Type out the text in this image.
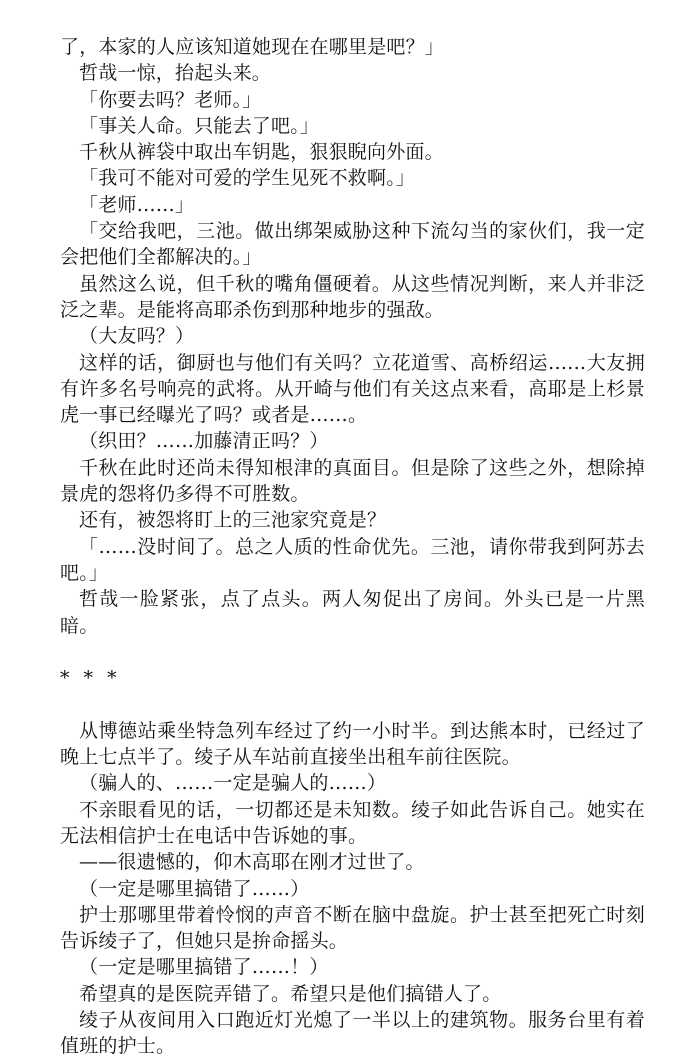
了，本家的人应该知道她现在在哪里是吧？」

哲哉一惊，抬起头来。

「你要去吗？老师。」

「事关人命。只能去了吧。」

千秋从裤袋中取出车钥匙，狠狠睨向外面。

「我可不能对可爱的学生见死不救啊。」

「老师……」

「交给我吧，三池。做出绑架威胁这种下流勾当的家伙们，我一定会把他们全都解决的。」

虽然这么说，但千秋的嘴角僵硬着。从这些情况判断，来人并非泛泛之辈。是能将高耶杀伤到那种地步的强敌。

（大友吗？）

这样的话，御厨也与他们有关吗？立花道雪、高桥绍运……大友拥有许多名号响亮的武将。从开崎与他们有关这点来看，高耶是上杉景虎一事已经曝光了吗？或者是……。

（织田？……加藤清正吗？）

千秋在此时还尚未得知根津的真面目。但是除了这些之外，想除掉景虎的怨将仍多得不可胜数。

还有，被怨将盯上的三池家究竟是？

「……没时间了。总之人质的性命优先。三池，请你带我到阿苏去吧。」

哲哉一脸紧张，点了点头。两人匆促出了房间。外头已是一片黑暗。

* * *

从博德站乘坐特急列车经过了约一小时半。到达熊本时，已经过了晚上七点半了。绫子从车站前直接坐出租车前往医院。

（骗人的、……一定是骗人的……）

不亲眼看见的话，一切都还是未知数。绫子如此告诉自己。她实在无法相信护士在电话中告诉她的事。

——很遗憾的，仰木高耶在刚才过世了。

（一定是哪里搞错了……）

护士那哪里带着怜悯的声音不断在脑中盘旋。护士甚至把死亡时刻告诉绫子了，但她只是拚命摇头。

（一定是哪里搞错了……！）

希望真的是医院弄错了。希望只是他们搞错人了。

绫子从夜间用入口跑近灯光熄了一半以上的建筑物。服务台里有着值班的护士。
